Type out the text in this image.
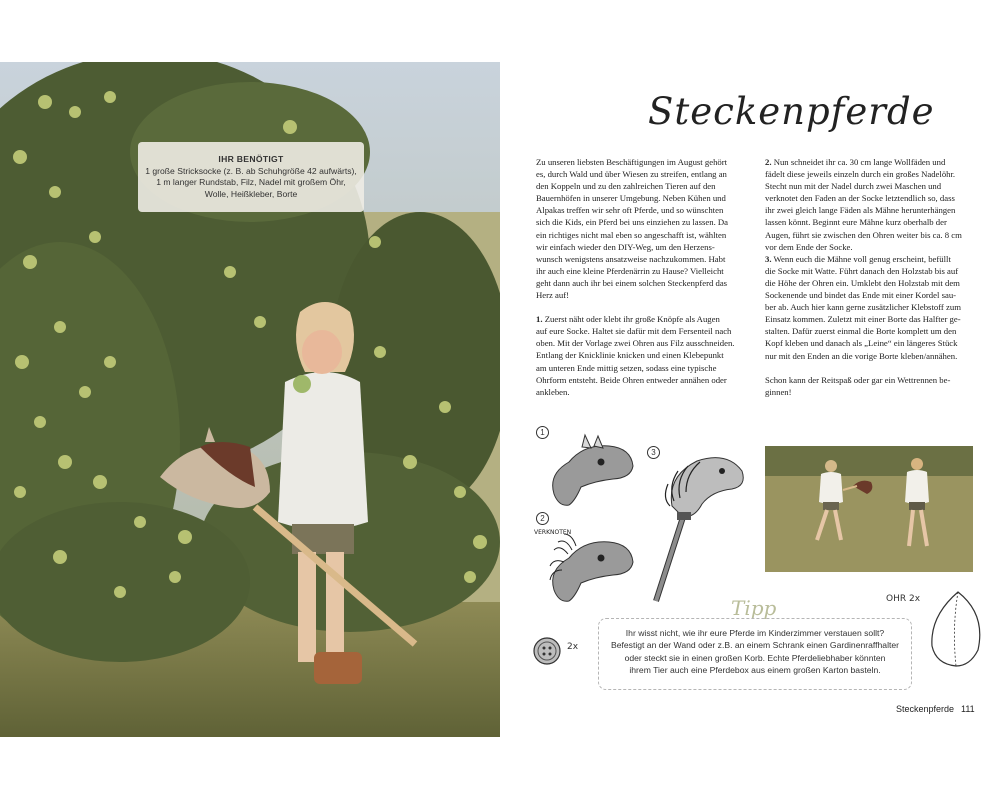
IHR BENÖTIGT
1 große Stricksocke (z. B. ab Schuhgröße 42 aufwärts),
1 m langer Rundstab, Filz, Nadel mit großem Öhr,
Wolle, Heißkleber, Borte
Steckenpferde

Zu unseren liebsten Beschäftigungen im August gehört

es, durch Wald und über Wiesen zu streifen, entlang an

den Koppeln und zu den zahlreichen Tieren auf den

Bauernhöfen in unserer Umgebung. Neben Kühen und

Alpakas treffen wir sehr oft Pferde, und so wünschten

sich die Kids, ein Pferd bei uns einziehen zu lassen. Da

ein richtiges nicht mal eben so angeschafft ist, wählten

wir einfach wieder den DIY-Weg, um den Herzens-

wunsch wenigstens ansatzweise nachzukommen. Habt

ihr auch eine kleine Pferdenärrin zu Hause? Vielleicht

geht dann auch ihr bei einem solchen Steckenpferd das

Herz auf!

1. Zuerst näht oder klebt ihr große Knöpfe als Augen

auf eure Socke. Haltet sie dafür mit dem Fersenteil nach

oben. Mit der Vorlage zwei Ohren aus Filz ausschneiden.

Entlang der Knicklinie knicken und einen Klebepunkt

am unteren Ende mittig setzen, sodass eine typische

Ohrform entsteht. Beide Ohren entweder annähen oder

ankleben.

2. Nun schneidet ihr ca. 30 cm lange Wollfäden und

fädelt diese jeweils einzeln durch ein großes Nadelöhr.

Stecht nun mit der Nadel durch zwei Maschen und

verknotet den Faden an der Socke letztendlich so, dass

ihr zwei gleich lange Fäden als Mähne herunterhängen

lassen könnt. Beginnt eure Mähne kurz oberhalb der

Augen, führt sie zwischen den Ohren weiter bis ca. 8 cm

vor dem Ende der Socke.

3. Wenn euch die Mähne voll genug erscheint, befüllt

die Socke mit Watte. Führt danach den Holzstab bis auf

die Höhe der Ohren ein. Umklebt den Holzstab mit dem

Sockenende und bindet das Ende mit einer Kordel sau-

ber ab. Auch hier kann gerne zusätzlicher Klebstoff zum

Einsatz kommen. Zuletzt mit einer Borte das Halfter ge-

stalten. Dafür zuerst einmal die Borte komplett um den

Kopf kleben und danach als „Leine“ ein längeres Stück

nur mit den Enden an die vorige Borte kleben/annähen.

Schon kann der Reitspaß oder gar ein Wettrennen be-

ginnen!

1
2
3
VERKNOTEN
OHR 2x
2x
Tipp

Ihr wisst nicht, wie ihr eure Pferde im Kinderzimmer verstauen sollt?

Befestigt an der Wand oder z.B. an einem Schrank einen Gardinenraffhalter

oder steckt sie in einen großen Korb. Echte Pferdeliebhaber könnten

ihrem Tier auch eine Pferdebox aus einem großen Karton basteln.

Steckenpferde 111
